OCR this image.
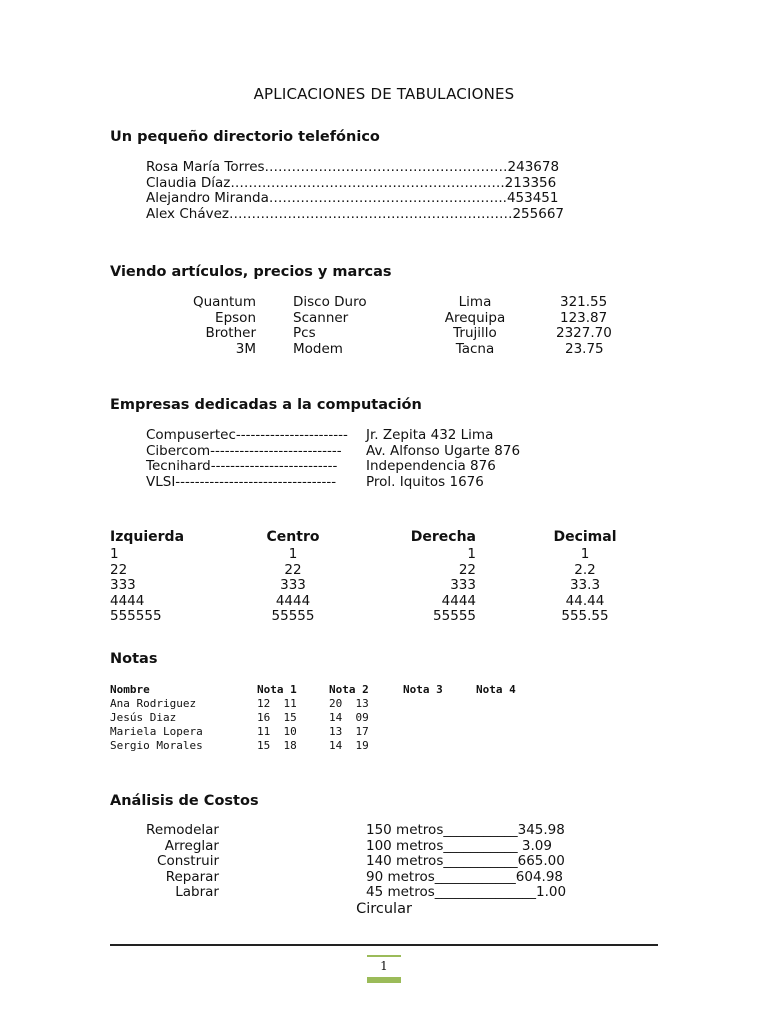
APLICACIONES DE TABULACIONES
Un pequeño directorio telefónico
Rosa María Torres………………………………………………243678
Claudia Díaz…………………………………………………….213356
Alejandro Miranda……………………………………………..453451
Alex Chávez………………………………………………………255667
Viendo artículos, precios y marcas
Quantum	Disco Duro	Lima	321.55
Epson	Scanner	Arequipa	123.87
Brother	Pcs	Trujillo	2327.70
3M	Modem	Tacna	23.75
Empresas dedicadas a la computación
Compusertec----------------------- Jr. Zepita 432 Lima
Cibercom--------------------------- Av. Alfonso Ugarte 876
Tecnihard-------------------------- Independencia 876
VLSI--------------------------------- Prol. Iquitos 1676
Izquierda	Centro	Derecha	Decimal
1	1	1	1
22	22	22	2.2
333	333	333	33.3
4444	4444	4444	44.44
555555	55555	55555	555.55
Notas
Nombre	Nota 1	Nota 2	Nota 3	Nota 4
Ana Rodriguez	12  11	20  13
Jesús Diaz	16  15	14  09
Mariela Lopera	11  10	13  17
Sergio Morales	15  18	14  19
Análisis de Costos
Remodelar	150 metros___________345.98
Arreglar	100 metros___________ 3.09
Construir	140 metros___________665.00
Reparar	90 metros____________604.98
Labrar	45 metros_______________1.00
Circular
1
